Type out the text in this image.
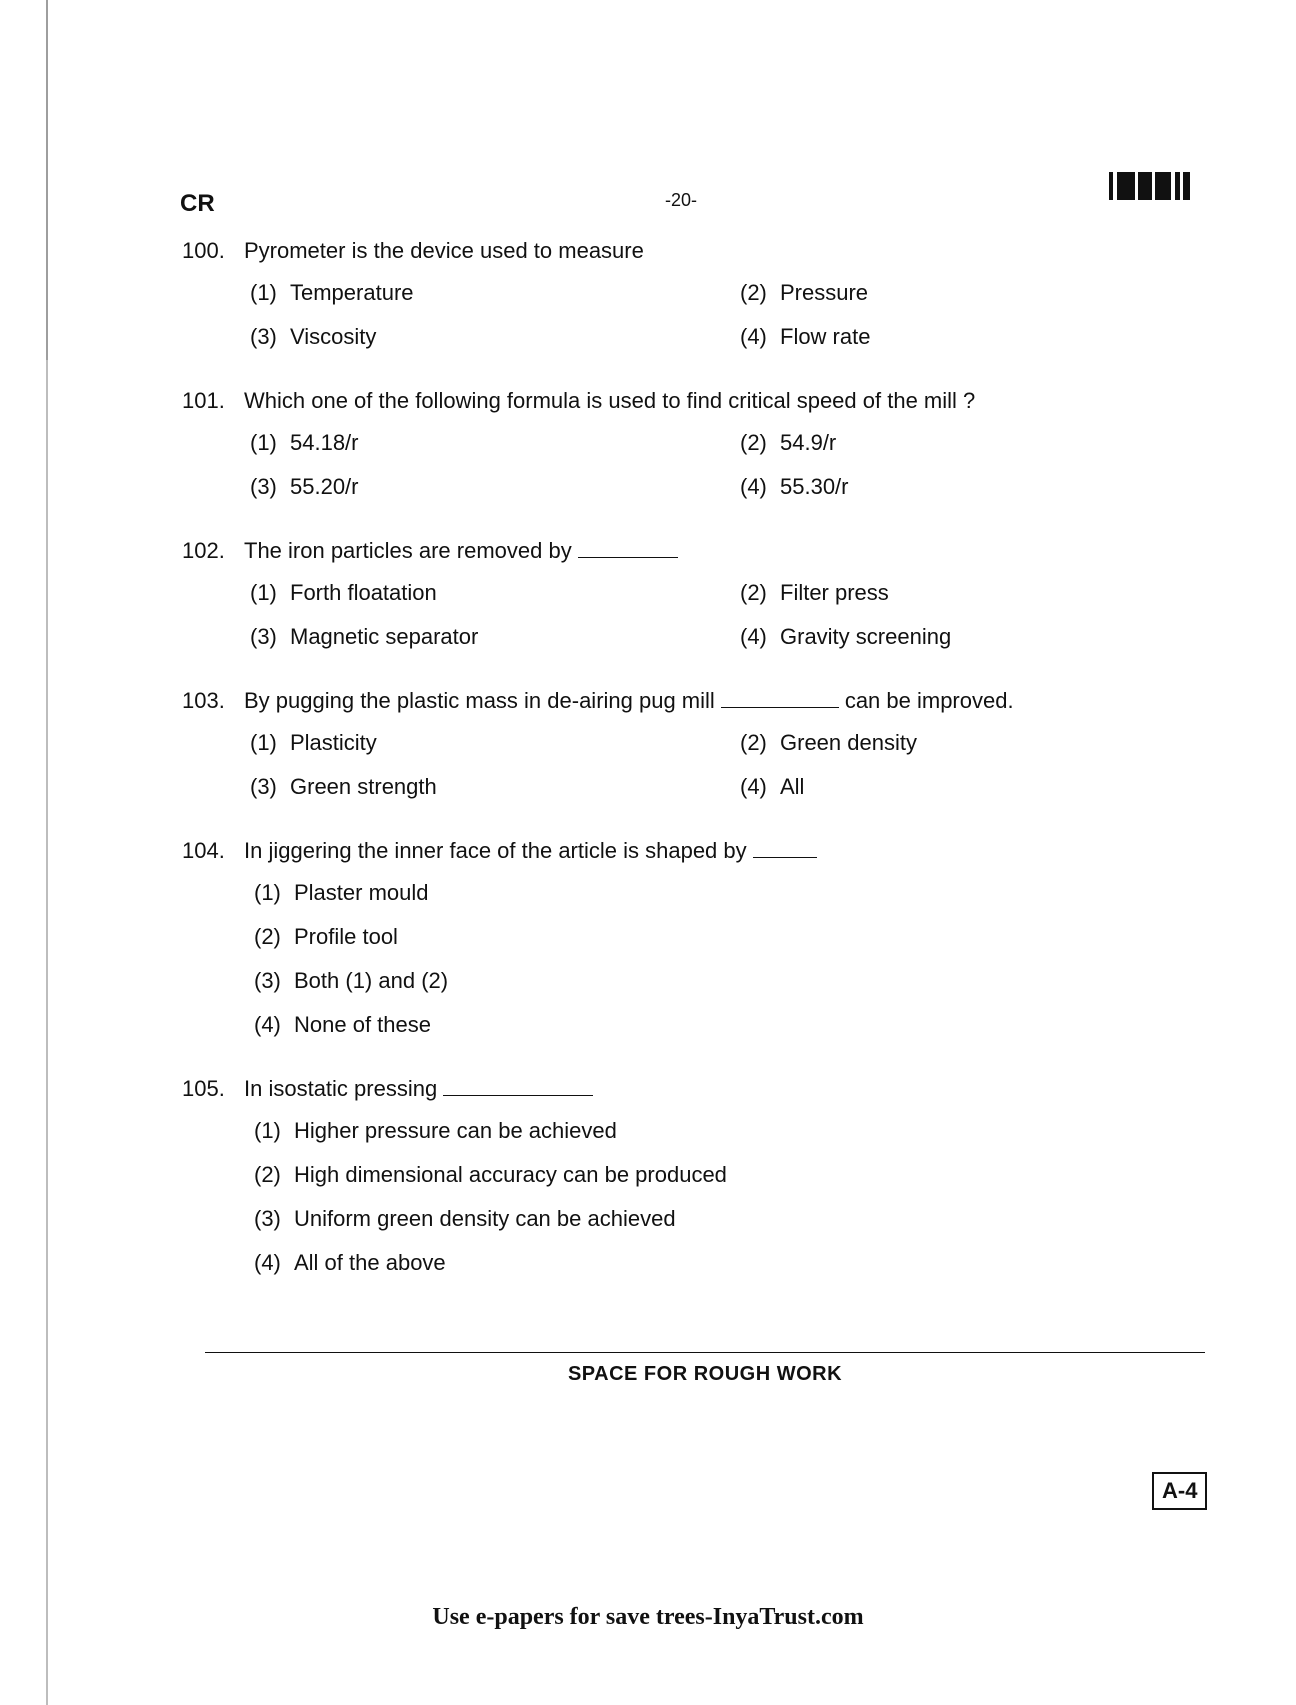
CR	-20-
100. Pyrometer is the device used to measure
(1) Temperature	(2) Pressure
(3) Viscosity	(4) Flow rate
101. Which one of the following formula is used to find critical speed of the mill ?
(1) 54.18/r	(2) 54.9/r
(3) 55.20/r	(4) 55.30/r
102. The iron particles are removed by
(1) Forth floatation	(2) Filter press
(3) Magnetic separator	(4) Gravity screening
103. By pugging the plastic mass in de-airing pug mill	can be improved.
(1) Plasticity	(2) Green density
(3) Green strength	(4) All
104. In jiggering the inner face of the article is shaped by
(1) Plaster mould
(2) Profile tool
(3) Both (1) and (2)
(4) None of these
105. In isostatic pressing
(1) Higher pressure can be achieved
(2) High dimensional accuracy can be produced
(3) Uniform green density can be achieved
(4) All of the above
SPACE FOR ROUGH WORK
A-4
Use e-papers for save trees-InyaTrust.com
